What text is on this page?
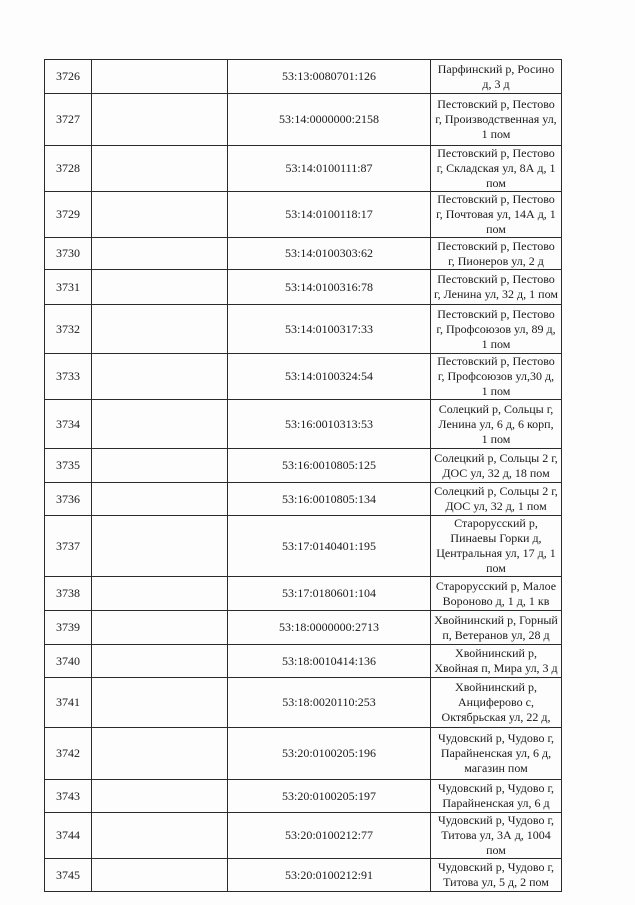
3726		53:13:0080701:126	Парфинский р, Росино д, 3 д
3727		53:14:0000000:2158	Пестовский р, Пестово г, Производственная ул, 1 пом
3728		53:14:0100111:87	Пестовский р, Пестово г, Складская ул, 8А д, 1 пом
3729		53:14:0100118:17	Пестовский р, Пестово г, Почтовая ул, 14А д, 1 пом
3730		53:14:0100303:62	Пестовский р, Пестово г, Пионеров ул, 2 д
3731		53:14:0100316:78	Пестовский р, Пестово г, Ленина ул, 32 д, 1 пом
3732		53:14:0100317:33	Пестовский р, Пестово г, Профсоюзов ул, 89 д, 1 пом
3733		53:14:0100324:54	Пестовский р, Пестово г, Профсоюзов ул,30 д, 1 пом
3734		53:16:0010313:53	Солецкий р, Сольцы г, Ленина ул, 6 д, 6 корп, 1 пом
3735		53:16:0010805:125	Солецкий р, Сольцы 2 г, ДОС ул, 32 д, 18 пом
3736		53:16:0010805:134	Солецкий р, Сольцы 2 г, ДОС ул, 32 д, 1 пом
3737		53:17:0140401:195	Старорусский р, Пинаевы Горки д, Центральная ул, 17 д, 1 пом
3738		53:17:0180601:104	Старорусский р, Малое Вороново д, 1 д, 1 кв
3739		53:18:0000000:2713	Хвойнинский р, Горный п, Ветеранов ул, 28 д
3740		53:18:0010414:136	Хвойнинский р, Хвойная п, Мира ул, 3 д
3741		53:18:0020110:253	Хвойнинский р, Анциферово с, Октябрьская ул, 22 д,
3742		53:20:0100205:196	Чудовский р, Чудово г, Парайненская ул, 6 д, магазин пом
3743		53:20:0100205:197	Чудовский р, Чудово г, Парайненская ул, 6 д
3744		53:20:0100212:77	Чудовский р, Чудово г, Титова ул, 3А д, 1004 пом
3745		53:20:0100212:91	Чудовский р, Чудово г, Титова ул, 5 д, 2 пом
